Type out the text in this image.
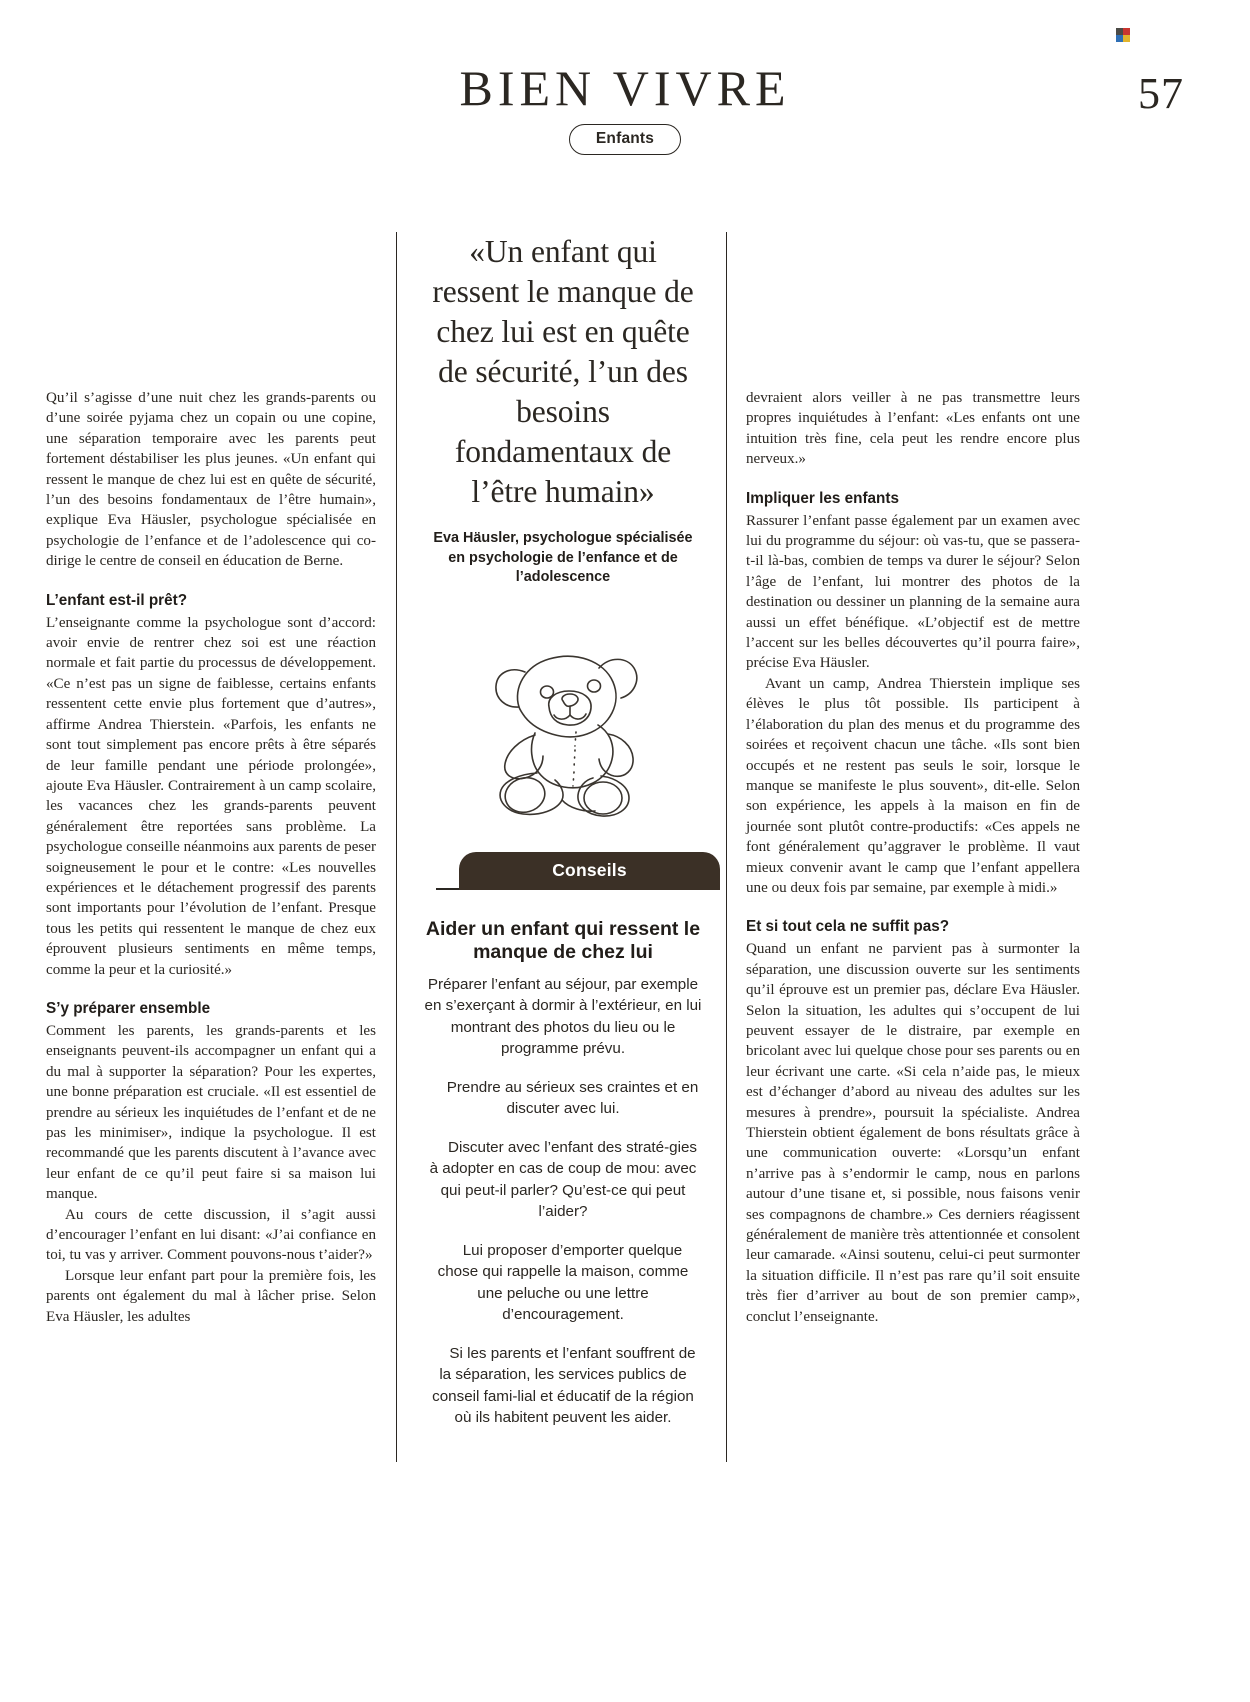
BIEN VIVRE
Enfants
57

Qu’il s’agisse d’une nuit chez les grands-parents ou d’une soirée pyjama chez un copain ou une copine, une séparation temporaire avec les parents peut fortement déstabiliser les plus jeunes. «Un enfant qui ressent le manque de chez lui est en quête de sécurité, l’un des besoins fondamentaux de l’être humain», explique Eva Häusler, psychologue spécialisée en psychologie de l’enfance et de l’adolescence qui co-dirige le centre de conseil en éducation de Berne.

L’enfant est-il prêt?

L’enseignante comme la psychologue sont d’accord: avoir envie de rentrer chez soi est une réaction normale et fait partie du processus de développement. «Ce n’est pas un signe de faiblesse, certains enfants ressentent cette envie plus fortement que d’autres», affirme Andrea Thierstein. «Parfois, les enfants ne sont tout simplement pas encore prêts à être séparés de leur famille pendant une période prolongée», ajoute Eva Häusler. Contrairement à un camp scolaire, les vacances chez les grands-parents peuvent généralement être reportées sans problème. La psychologue conseille néanmoins aux parents de peser soigneusement le pour et le contre: «Les nouvelles expériences et le détachement progressif des parents sont importants pour l’évolution de l’enfant. Presque tous les petits qui ressentent le manque de chez eux éprouvent plusieurs sentiments en même temps, comme la peur et la curiosité.»

S’y préparer ensemble

Comment les parents, les grands-parents et les enseignants peuvent-ils accompagner un enfant qui a du mal à supporter la séparation? Pour les expertes, une bonne préparation est cruciale. «Il est essentiel de prendre au sérieux les inquiétudes de l’enfant et de ne pas les minimiser», indique la psychologue. Il est recommandé que les parents discutent à l’avance avec leur enfant de ce qu’il peut faire si sa maison lui manque.

Au cours de cette discussion, il s’agit aussi d’encourager l’enfant en lui disant: «J’ai confiance en toi, tu vas y arriver. Comment pouvons-nous t’aider?»

Lorsque leur enfant part pour la première fois, les parents ont également du mal à lâcher prise. Selon Eva Häusler, les adultes

«Un enfant qui ressent le manque de chez lui est en quête de sécurité, l’un des besoins fondamentaux de l’être humain»
Eva Häusler, psychologue spécialisée en psychologie de l’enfance et de l’adolescence
Conseils
Aider un enfant qui ressent le manque de chez lui

Préparer l’enfant au séjour, par exemple en s’exerçant à dormir à l’extérieur, en lui montrant des photos du lieu ou le programme prévu.

Prendre au sérieux ses craintes et en discuter avec lui.

Discuter avec l’enfant des straté-gies à adopter en cas de coup de mou: avec qui peut-il parler? Qu’est-ce qui peut l’aider?

Lui proposer d’emporter quelque chose qui rappelle la maison, comme une peluche ou une lettre d’encouragement.

Si les parents et l’enfant souffrent de la séparation, les services publics de conseil fami-lial et éducatif de la région où ils habitent peuvent les aider.

devraient alors veiller à ne pas transmettre leurs propres inquiétudes à l’enfant: «Les enfants ont une intuition très fine, cela peut les rendre encore plus nerveux.»

Impliquer les enfants

Rassurer l’enfant passe également par un examen avec lui du programme du séjour: où vas-tu, que se passera-t-il là-bas, combien de temps va durer le séjour? Selon l’âge de l’enfant, lui montrer des photos de la destination ou dessiner un planning de la semaine aura aussi un effet bénéfique. «L’objectif est de mettre l’accent sur les belles découvertes qu’il pourra faire», précise Eva Häusler.

Avant un camp, Andrea Thierstein implique ses élèves le plus tôt possible. Ils participent à l’élaboration du plan des menus et du programme des soirées et reçoivent chacun une tâche. «Ils sont bien occupés et ne restent pas seuls le soir, lorsque le manque se manifeste le plus souvent», dit-elle. Selon son expérience, les appels à la maison en fin de journée sont plutôt contre-productifs: «Ces appels ne font généralement qu’aggraver le problème. Il vaut mieux convenir avant le camp que l’enfant appellera une ou deux fois par semaine, par exemple à midi.»

Et si tout cela ne suffit pas?

Quand un enfant ne parvient pas à surmonter la séparation, une discussion ouverte sur les sentiments qu’il éprouve est un premier pas, déclare Eva Häusler. Selon la situation, les adultes qui s’occupent de lui peuvent essayer de le distraire, par exemple en bricolant avec lui quelque chose pour ses parents ou en leur écrivant une carte. «Si cela n’aide pas, le mieux est d’échanger d’abord au niveau des adultes sur les mesures à prendre», poursuit la spécialiste. Andrea Thierstein obtient également de bons résultats grâce à une communication ouverte: «Lorsqu’un enfant n’arrive pas à s’endormir le camp, nous en parlons autour d’une tisane et, si possible, nous faisons venir ses compagnons de chambre.» Ces derniers réagissent généralement de manière très attentionnée et consolent leur camarade. «Ainsi soutenu, celui-ci peut surmonter la situation difficile. Il n’est pas rare qu’il soit ensuite très fier d’arriver au bout de son premier camp», conclut l’enseignante.
